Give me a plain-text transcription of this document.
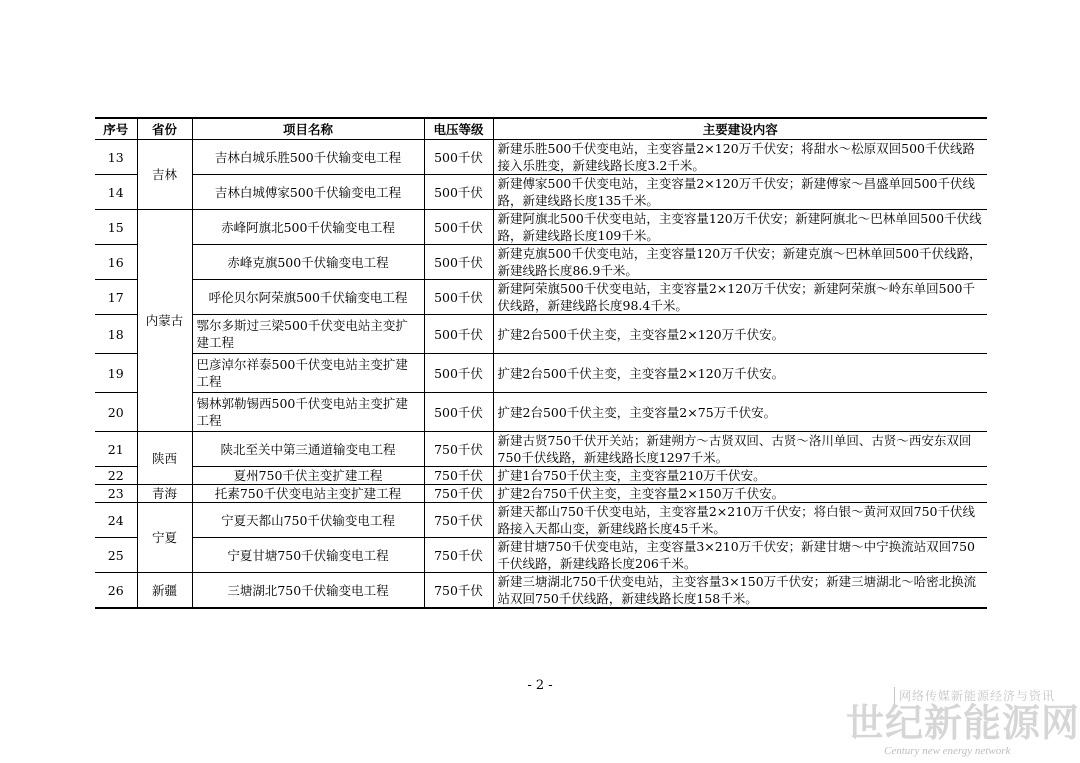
序号	省份	项目名称	电压等级	主要建设内容
13	吉林	吉林白城乐胜500千伏输变电工程	500千伏	新建乐胜500千伏变电站，主变容量2×120万千伏安；将甜水～松原双回500千伏线路接入乐胜变，新建线路长度3.2千米。
14		吉林白城傅家500千伏输变电工程	500千伏	新建傅家500千伏变电站，主变容量2×120万千伏安；新建傅家～昌盛单回500千伏线路，新建线路长度135千米。
15	内蒙古	赤峰阿旗北500千伏输变电工程	500千伏	新建阿旗北500千伏变电站，主变容量120万千伏安；新建阿旗北～巴林单回500千伏线路，新建线路长度109千米。
16		赤峰克旗500千伏输变电工程	500千伏	新建克旗500千伏变电站，主变容量120万千伏安；新建克旗～巴林单回500千伏线路，新建线路长度86.9千米。
17		呼伦贝尔阿荣旗500千伏输变电工程	500千伏	新建阿荣旗500千伏变电站，主变容量2×120万千伏安；新建阿荣旗～岭东单回500千伏线路，新建线路长度98.4千米。
18		鄂尔多斯过三梁500千伏变电站主变扩建工程	500千伏	扩建2台500千伏主变，主变容量2×120万千伏安。
19		巴彦淖尔祥泰500千伏变电站主变扩建工程	500千伏	扩建2台500千伏主变，主变容量2×120万千伏安。
20		锡林郭勒锡西500千伏变电站主变扩建工程	500千伏	扩建2台500千伏主变，主变容量2×75万千伏安。
21	陕西	陕北至关中第三通道输变电工程	750千伏	新建古贤750千伏开关站；新建朔方～古贤双回、古贤～洛川单回、古贤～西安东双回750千伏线路，新建线路长度1297千米。
22		夏州750千伏主变扩建工程	750千伏	扩建1台750千伏主变，主变容量210万千伏安。
23	青海	托素750千伏变电站主变扩建工程	750千伏	扩建2台750千伏主变，主变容量2×150万千伏安。
24	宁夏	宁夏天都山750千伏输变电工程	750千伏	新建天都山750千伏变电站，主变容量2×210万千伏安；将白银～黄河双回750千伏线路接入天都山变，新建线路长度45千米。
25		宁夏甘塘750千伏输变电工程	750千伏	新建甘塘750千伏变电站，主变容量3×210万千伏安；新建甘塘～中宁换流站双回750千伏线路，新建线路长度206千米。
26	新疆	三塘湖北750千伏输变电工程	750千伏	新建三塘湖北750千伏变电站，主变容量3×150万千伏安；新建三塘湖北～哈密北换流站双回750千伏线路，新建线路长度158千米。
- 2 -
网络传媒新能源经济与资讯
世纪新能源网
Century new energy network
